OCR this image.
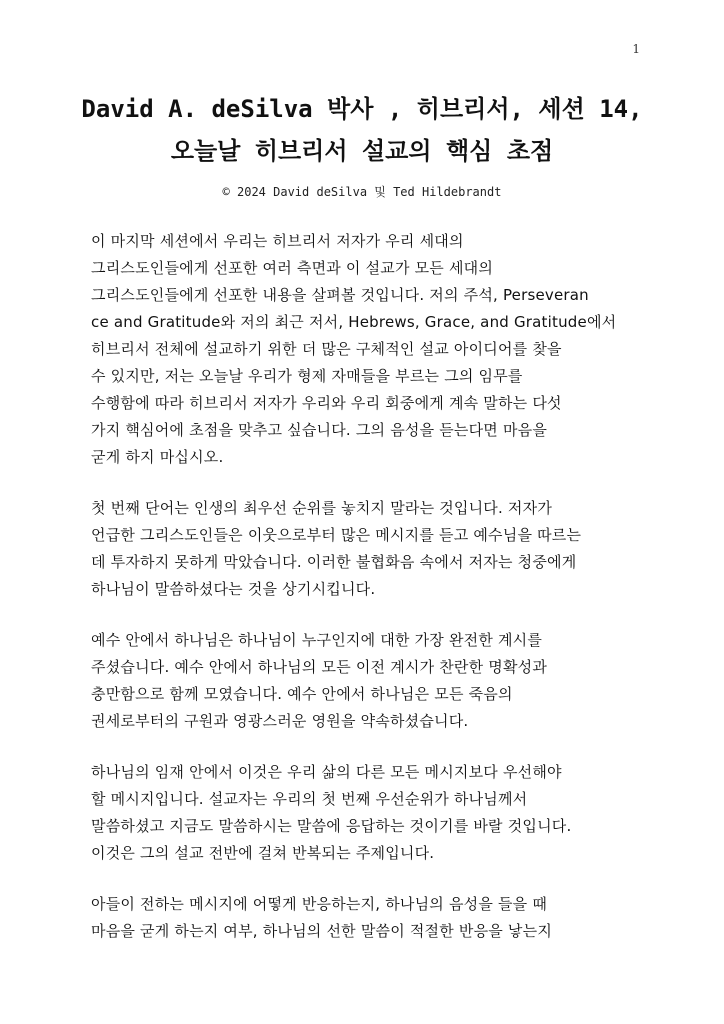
1
David A. deSilva 박사 , 히브리서, 세션 14,
오늘날 히브리서 설교의 핵심 초점
© 2024 David deSilva 및 Ted Hildebrandt

이 마지막 세션에서 우리는 히브리서 저자가 우리 세대의
그리스도인들에게 선포한 여러 측면과 이 설교가 모든 세대의
그리스도인들에게 선포한 내용을 살펴볼 것입니다. 저의 주석, Perseveran
ce and Gratitude와 저의 최근 저서, Hebrews, Grace, and Gratitude에서
히브리서 전체에 설교하기 위한 더 많은 구체적인 설교 아이디어를 찾을
수 있지만, 저는 오늘날 우리가 형제 자매들을 부르는 그의 임무를
수행함에 따라 히브리서 저자가 우리와 우리 회중에게 계속 말하는 다섯
가지 핵심어에 초점을 맞추고 싶습니다. 그의 음성을 듣는다면 마음을
굳게 하지 마십시오.

첫 번째 단어는 인생의 최우선 순위를 놓치지 말라는 것입니다. 저자가
언급한 그리스도인들은 이웃으로부터 많은 메시지를 듣고 예수님을 따르는
데 투자하지 못하게 막았습니다. 이러한 불협화음 속에서 저자는 청중에게
하나님이 말씀하셨다는 것을 상기시킵니다.

예수 안에서 하나님은 하나님이 누구인지에 대한 가장 완전한 계시를
주셨습니다. 예수 안에서 하나님의 모든 이전 계시가 찬란한 명확성과
충만함으로 함께 모였습니다. 예수 안에서 하나님은 모든 죽음의
권세로부터의 구원과 영광스러운 영원을 약속하셨습니다.

하나님의 임재 안에서 이것은 우리 삶의 다른 모든 메시지보다 우선해야
할 메시지입니다. 설교자는 우리의 첫 번째 우선순위가 하나님께서
말씀하셨고 지금도 말씀하시는 말씀에 응답하는 것이기를 바랄 것입니다.
이것은 그의 설교 전반에 걸쳐 반복되는 주제입니다.

아들이 전하는 메시지에 어떻게 반응하는지, 하나님의 음성을 들을 때
마음을 굳게 하는지 여부, 하나님의 선한 말씀이 적절한 반응을 낳는지
